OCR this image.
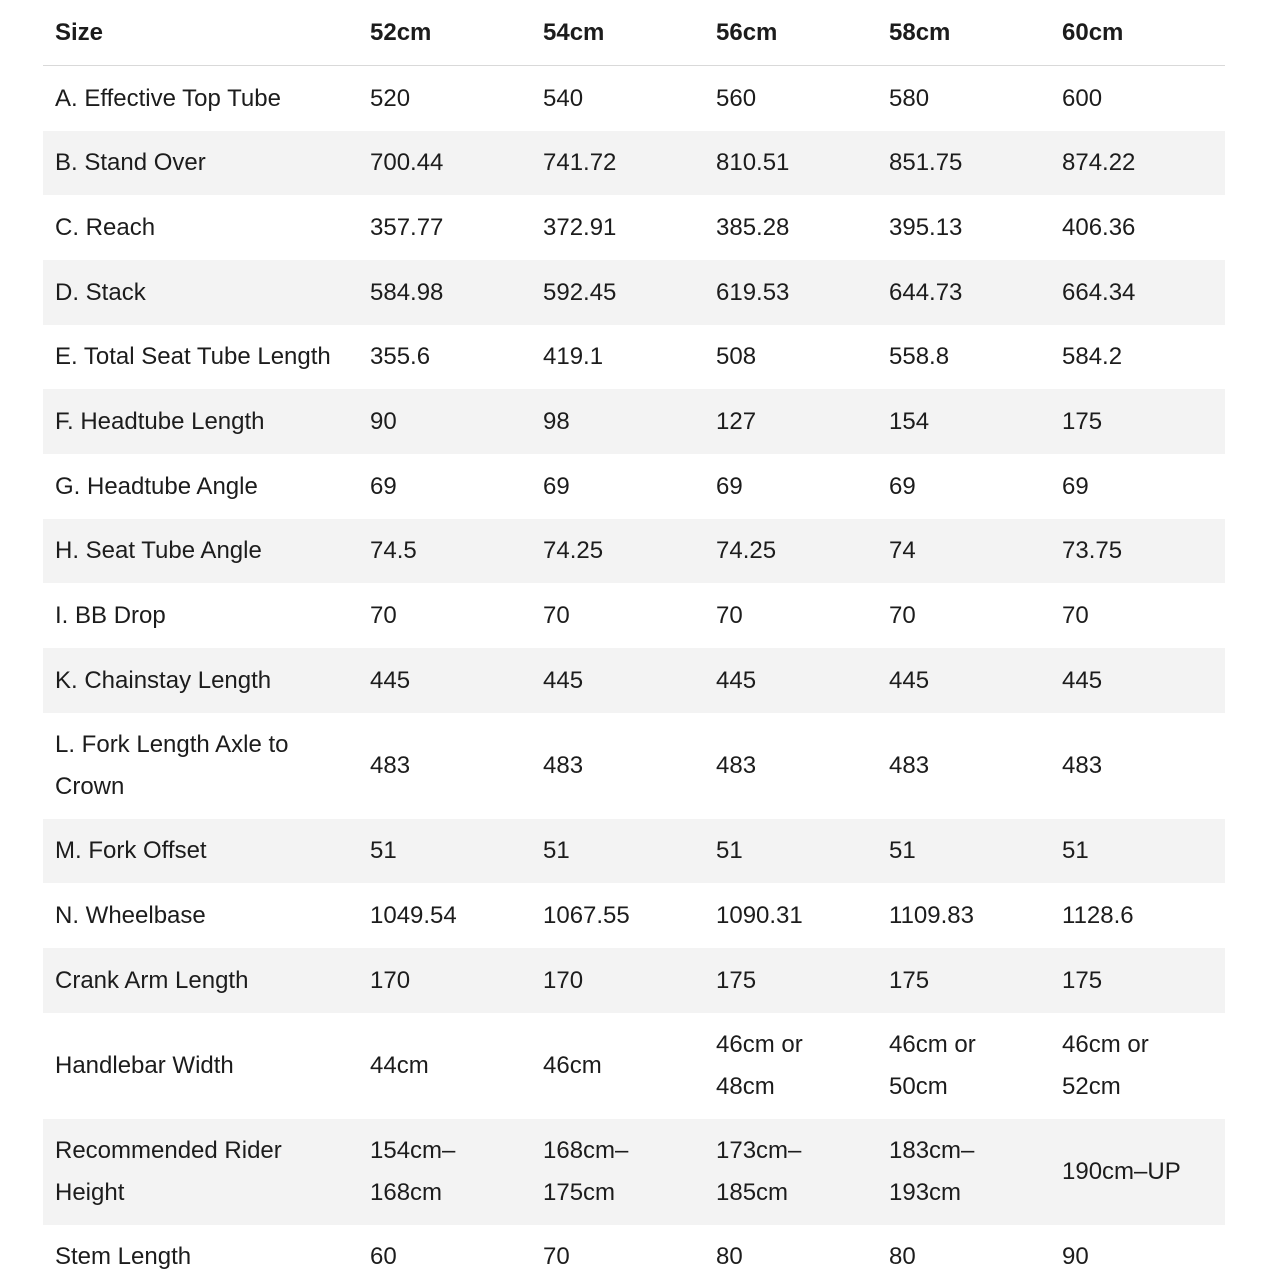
Size	52cm	54cm	56cm	58cm	60cm
A. Effective Top Tube	520	540	560	580	600
B. Stand Over	700.44	741.72	810.51	851.75	874.22
C. Reach	357.77	372.91	385.28	395.13	406.36
D. Stack	584.98	592.45	619.53	644.73	664.34
E. Total Seat Tube Length	355.6	419.1	508	558.8	584.2
F. Headtube Length	90	98	127	154	175
G. Headtube Angle	69	69	69	69	69
H. Seat Tube Angle	74.5	74.25	74.25	74	73.75
I. BB Drop	70	70	70	70	70
K. Chainstay Length	445	445	445	445	445
L. Fork Length Axle to Crown	483	483	483	483	483
M. Fork Offset	51	51	51	51	51
N. Wheelbase	1049.54	1067.55	1090.31	1109.83	1128.6
Crank Arm Length	170	170	175	175	175
Handlebar Width	44cm	46cm	46cm or 48cm	46cm or 50cm	46cm or 52cm
Recommended Rider Height	154cm–168cm	168cm–175cm	173cm–185cm	183cm–193cm	190cm–UP
Stem Length	60	70	80	80	90
